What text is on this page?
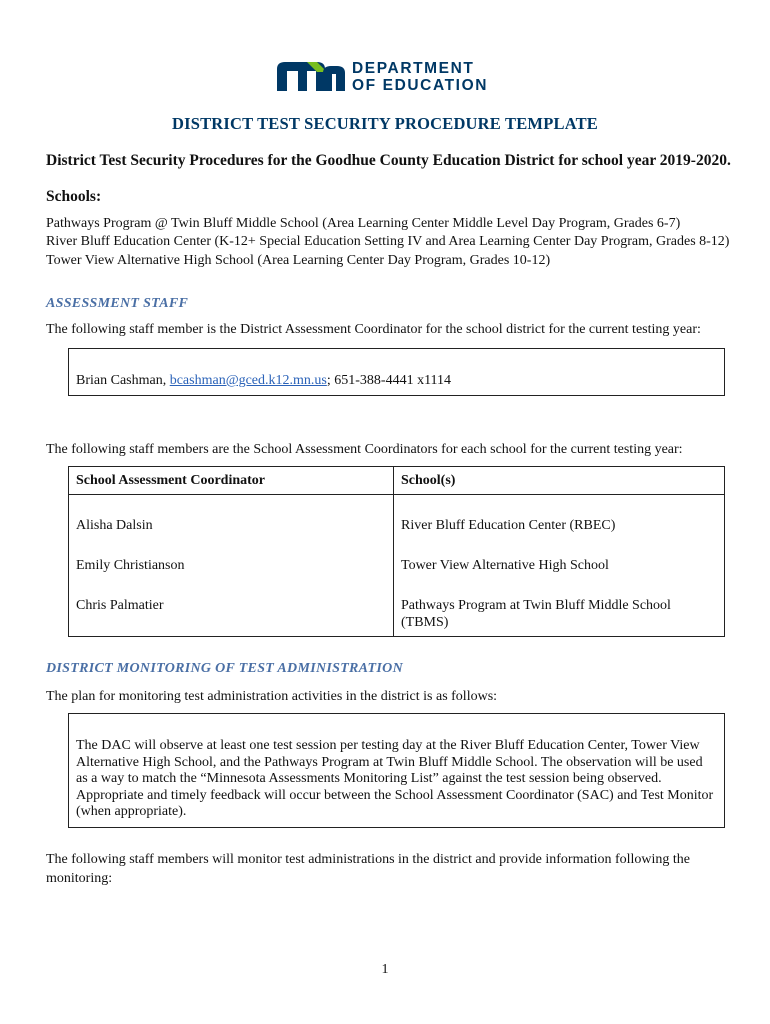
DEPARTMENT
OF EDUCATION
DISTRICT TEST SECURITY PROCEDURE TEMPLATE
District Test Security Procedures for the Goodhue County Education District for school year 2019-2020.
Schools:
Pathways Program @ Twin Bluff Middle School (Area Learning Center Middle Level Day Program, Grades 6-7)
River Bluff Education Center (K-12+ Special Education Setting IV and Area Learning Center Day Program, Grades 8-12)
Tower View Alternative High School (Area Learning Center Day Program, Grades 10-12)
ASSESSMENT STAFF
The following staff member is the District Assessment Coordinator for the school district for the current testing year:

Brian Cashman, bcashman@gced.k12.mn.us; 651-388-4441 x1114

The following staff members are the School Assessment Coordinators for each school for the current testing year:
School Assessment Coordinator	School(s)
Alisha Dalsin	River Bluff Education Center (RBEC)
Emily Christianson	Tower View Alternative High School
Chris Palmatier	Pathways Program at Twin Bluff Middle School (TBMS)
DISTRICT MONITORING OF TEST ADMINISTRATION
The plan for monitoring test administration activities in the district is as follows:

The DAC will observe at least one test session per testing day at the River Bluff Education Center, Tower View Alternative High School, and the Pathways Program at Twin Bluff Middle School. The observation will be used as a way to match the “Minnesota Assessments Monitoring List” against the test session being observed. Appropriate and timely feedback will occur between the School Assessment Coordinator (SAC) and Test Monitor (when appropriate).

The following staff members will monitor test administrations in the district and provide information following the monitoring:
1
